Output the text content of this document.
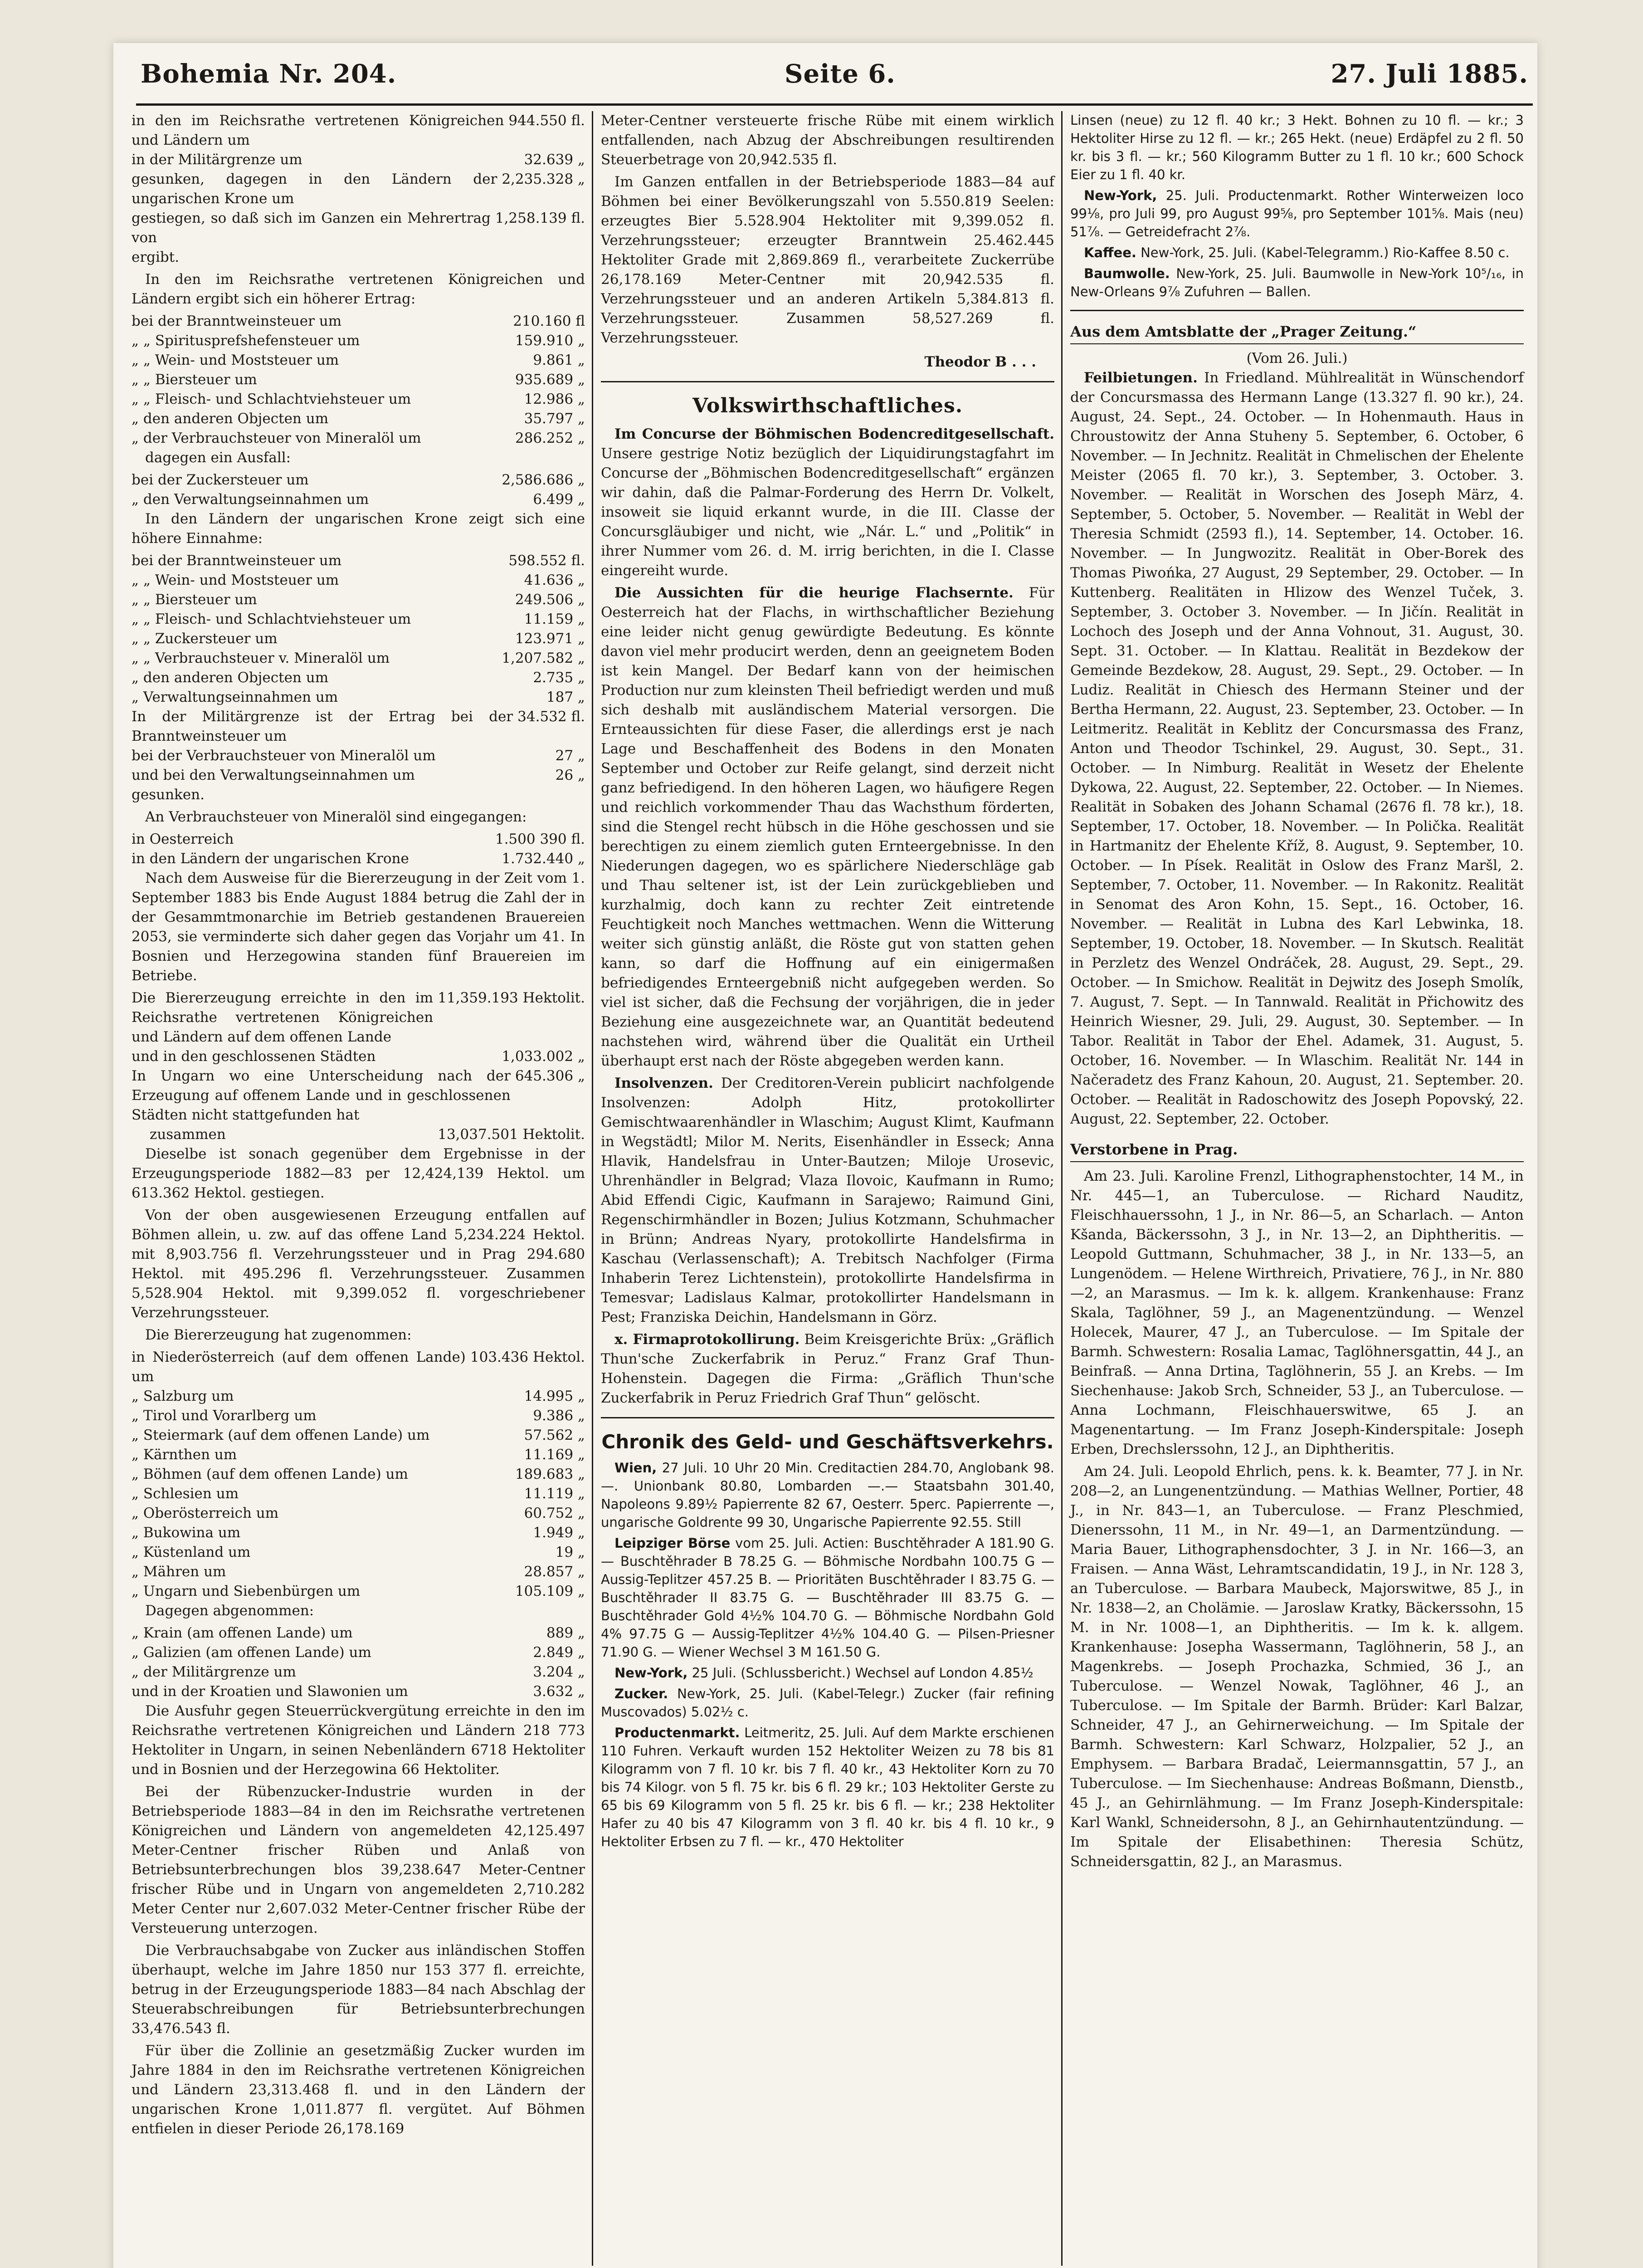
Bohemia Nr. 204.	Seite 6.	27. Juli 1885.
in den im Reichsrathe vertretenen Königreichen und Ländern um
944.550 fl.
in der Militärgrenze um	32.639 „
gesunken, dagegen in den Ländern der ungarischen Krone um
2,235.328 „
gestiegen, so daß sich im Ganzen ein Mehrertrag von
1,258.139 fl.

ergibt.

In den im Reichsrathe vertretenen Königreichen und Ländern ergibt sich ein höherer Ertrag:

bei der Branntweinsteuer um	210.160 fl
„ „ Spiritusprefshefensteuer um	159.910 „
„ „ Wein- und Moststeuer um	9.861 „
„ „ Biersteuer um	935.689 „
„ „ Fleisch- und Schlachtviehsteuer um	12.986 „
„ den anderen Objecten um	35.797 „
„ der Verbrauchsteuer von Mineralöl um	286.252 „

dagegen ein Ausfall:

bei der Zuckersteuer um	2,586.686 „
„ den Verwaltungseinnahmen um	6.499 „

In den Ländern der ungarischen Krone zeigt sich eine höhere Einnahme:

bei der Branntweinsteuer um	598.552 fl.
„ „ Wein- und Moststeuer um	41.636 „
„ „ Biersteuer um	249.506 „
„ „ Fleisch- und Schlachtviehsteuer um	11.159 „
„ „ Zuckersteuer um	123.971 „
„ „ Verbrauchsteuer v. Mineralöl um	1,207.582 „
„ den anderen Objecten um	2.735 „
„ Verwaltungseinnahmen um	187 „
In der Militärgrenze ist der Ertrag bei der Branntweinsteuer um
34.532 fl.
bei der Verbrauchsteuer von Mineralöl um	27 „
und bei den Verwaltungseinnahmen um	26 „

gesunken.

An Verbrauchsteuer von Mineralöl sind eingegangen:

in Oesterreich	1.500 390 fl.
in den Ländern der ungarischen Krone	1.732.440 „

Nach dem Ausweise für die Biererzeugung in der Zeit vom 1. September 1883 bis Ende August 1884 betrug die Zahl der in der Gesammtmonarchie im Betrieb gestandenen Brauereien 2053, sie verminderte sich daher gegen das Vorjahr um 41. In Bosnien und Herzegowina standen fünf Brauereien im Betriebe.

Die Biererzeugung erreichte in den im Reichsrathe vertretenen Königreichen und Ländern auf dem offenen Lande
11,359.193 Hektolit.
und in den geschlossenen Städten	1,033.002 „
In Ungarn wo eine Unterscheidung nach der Erzeugung auf offenem Lande und in geschlossenen Städten nicht stattgefunden hat
645.306 „
zusammen	13,037.501 Hektolit.

Dieselbe ist sonach gegenüber dem Ergebnisse in der Erzeugungsperiode 1882—83 per 12,424,139 Hektol. um 613.362 Hektol. gestiegen.

Von der oben ausgewiesenen Erzeugung entfallen auf Böhmen allein, u. zw. auf das offene Land 5,234.224 Hektol. mit 8,903.756 fl. Verzehrungssteuer und in Prag 294.680 Hektol. mit 495.296 fl. Verzehrungssteuer. Zusammen 5,528.904 Hektol. mit 9,399.052 fl. vorgeschriebener Verzehrungssteuer.

Die Biererzeugung hat zugenommen:

in Niederösterreich (auf dem offenen Lande) um
103.436 Hektol.
„ Salzburg um	14.995 „
„ Tirol und Vorarlberg um	9.386 „
„ Steiermark (auf dem offenen Lande) um	57.562 „
„ Kärnthen um	11.169 „
„ Böhmen (auf dem offenen Lande) um	189.683 „
„ Schlesien um	11.119 „
„ Oberösterreich um	60.752 „
„ Bukowina um	1.949 „
„ Küstenland um	19 „
„ Mähren um	28.857 „
„ Ungarn und Siebenbürgen um	105.109 „

Dagegen abgenommen:

„ Krain (am offenen Lande) um	889 „
„ Galizien (am offenen Lande) um	2.849 „
„ der Militärgrenze um	3.204 „
und in der Kroatien und Slawonien um	3.632 „

Die Ausfuhr gegen Steuerrückvergütung erreichte in den im Reichsrathe vertretenen Königreichen und Ländern 218 773 Hektoliter in Ungarn, in seinen Nebenländern 6718 Hektoliter und in Bosnien und der Herzegowina 66 Hektoliter.

Bei der Rübenzucker-Industrie wurden in der Betriebsperiode 1883—84 in den im Reichsrathe vertretenen Königreichen und Ländern von angemeldeten 42,125.497 Meter-Centner frischer Rüben und Anlaß von Betriebsunterbrechungen blos 39,238.647 Meter-Centner frischer Rübe und in Ungarn von angemeldeten 2,710.282 Meter Center nur 2,607.032 Meter-Centner frischer Rübe der Versteuerung unterzogen.

Die Verbrauchsabgabe von Zucker aus inländischen Stoffen überhaupt, welche im Jahre 1850 nur 153 377 fl. erreichte, betrug in der Erzeugungsperiode 1883—84 nach Abschlag der Steuerabschreibungen für Betriebsunterbrechungen 33,476.543 fl.

Für über die Zollinie an gesetzmäßig Zucker wurden im Jahre 1884 in den im Reichsrathe vertretenen Königreichen und Ländern 23,313.468 fl. und in den Ländern der ungarischen Krone 1,011.877 fl. vergütet. Auf Böhmen entfielen in dieser Periode 26,178.169

Meter-Centner versteuerte frische Rübe mit einem wirklich entfallenden, nach Abzug der Abschreibungen resultirenden Steuerbetrage von 20,942.535 fl.

Im Ganzen entfallen in der Betriebsperiode 1883—84 auf Böhmen bei einer Bevölkerungszahl von 5.550.819 Seelen: erzeugtes Bier 5.528.904 Hektoliter mit 9,399.052 fl. Verzehrungssteuer; erzeugter Branntwein 25.462.445 Hektoliter Grade mit 2,869.869 fl., verarbeitete Zuckerrübe 26,178.169 Meter-Centner mit 20,942.535 fl. Verzehrungssteuer und an anderen Artikeln 5,384.813 fl. Verzehrungssteuer. Zusammen 58,527.269 fl. Verzehrungssteuer.

Theodor B . . .
Volkswirthschaftliches.

Im Concurse der Böhmischen Bodencreditgesellschaft. Unsere gestrige Notiz bezüglich der Liquidirungstagfahrt im Concurse der „Böhmischen Bodencreditgesellschaft“ ergänzen wir dahin, daß die Palmar-Forderung des Herrn Dr. Volkelt, insoweit sie liquid erkannt wurde, in die III. Classe der Concursgläubiger und nicht, wie „Nár. L.“ und „Politik“ in ihrer Nummer vom 26. d. M. irrig berichten, in die I. Classe eingereiht wurde.

Die Aussichten für die heurige Flachsernte. Für Oesterreich hat der Flachs, in wirthschaftlicher Beziehung eine leider nicht genug gewürdigte Bedeutung. Es könnte davon viel mehr producirt werden, denn an geeignetem Boden ist kein Mangel. Der Bedarf kann von der heimischen Production nur zum kleinsten Theil befriedigt werden und muß sich deshalb mit ausländischem Material versorgen. Die Ernteaussichten für diese Faser, die allerdings erst je nach Lage und Beschaffenheit des Bodens in den Monaten September und October zur Reife gelangt, sind derzeit nicht ganz befriedigend. In den höheren Lagen, wo häufigere Regen und reichlich vorkommender Thau das Wachsthum förderten, sind die Stengel recht hübsch in die Höhe geschossen und sie berechtigen zu einem ziemlich guten Ernteergebnisse. In den Niederungen dagegen, wo es spärlichere Niederschläge gab und Thau seltener ist, ist der Lein zurückgeblieben und kurzhalmig, doch kann zu rechter Zeit eintretende Feuchtigkeit noch Manches wettmachen. Wenn die Witterung weiter sich günstig anläßt, die Röste gut von statten gehen kann, so darf die Hoffnung auf ein einigermaßen befriedigendes Ernteergebniß nicht aufgegeben werden. So viel ist sicher, daß die Fechsung der vorjährigen, die in jeder Beziehung eine ausgezeichnete war, an Quantität bedeutend nachstehen wird, während über die Qualität ein Urtheil überhaupt erst nach der Röste abgegeben werden kann.

Insolvenzen. Der Creditoren-Verein publicirt nachfolgende Insolvenzen: Adolph Hitz, protokollirter Gemischtwaarenhändler in Wlaschim; August Klimt, Kaufmann in Wegstädtl; Milor M. Nerits, Eisenhändler in Esseck; Anna Hlavik, Handelsfrau in Unter-Bautzen; Miloje Urosevic, Uhrenhändler in Belgrad; Vlaza Ilovoic, Kaufmann in Rumo; Abid Effendi Cigic, Kaufmann in Sarajewo; Raimund Gini, Regenschirmhändler in Bozen; Julius Kotzmann, Schuhmacher in Brünn; Andreas Nyary, protokollirte Handelsfirma in Kaschau (Verlassenschaft); A. Trebitsch Nachfolger (Firma Inhaberin Terez Lichtenstein), protokollirte Handelsfirma in Temesvar; Ladislaus Kalmar, protokollirter Handelsmann in Pest; Franziska Deichin, Handelsmann in Görz.

x. Firmaprotokollirung. Beim Kreisgerichte Brüx: „Gräflich Thun'sche Zuckerfabrik in Peruz.“ Franz Graf Thun-Hohenstein. Dagegen die Firma: „Gräflich Thun'sche Zuckerfabrik in Peruz Friedrich Graf Thun“ gelöscht.

Chronik des Geld- und Geschäftsverkehrs.

Wien, 27 Juli. 10 Uhr 20 Min. Creditactien 284.70, Anglobank 98.—. Unionbank 80.80, Lombarden —.— Staatsbahn 301.40, Napoleons 9.89½ Papierrente 82 67, Oesterr. 5perc. Papierrente —, ungarische Goldrente 99 30, Ungarische Papierrente 92.55. Still

Leipziger Börse vom 25. Juli. Actien: Buschtěhrader A 181.90 G. — Buschtěhrader B 78.25 G. — Böhmische Nordbahn 100.75 G — Aussig-Teplitzer 457.25 B. — Prioritäten Buschtěhrader I 83.75 G. — Buschtěhrader II 83.75 G. — Buschtěhrader III 83.75 G. — Buschtěhrader Gold 4½% 104.70 G. — Böhmische Nordbahn Gold 4% 97.75 G — Aussig-Teplitzer 4½% 104.40 G. — Pilsen-Priesner 71.90 G. — Wiener Wechsel 3 M 161.50 G.

New-York, 25 Juli. (Schlussbericht.) Wechsel auf London 4.85½

Zucker. New-York, 25. Juli. (Kabel-Telegr.) Zucker (fair refining Muscovados) 5.02½ c.

Productenmarkt. Leitmeritz, 25. Juli. Auf dem Markte erschienen 110 Fuhren. Verkauft wurden 152 Hektoliter Weizen zu 78 bis 81 Kilogramm von 7 fl. 10 kr. bis 7 fl. 40 kr., 43 Hektoliter Korn zu 70 bis 74 Kilogr. von 5 fl. 75 kr. bis 6 fl. 29 kr.; 103 Hektoliter Gerste zu 65 bis 69 Kilogramm von 5 fl. 25 kr. bis 6 fl. — kr.; 238 Hektoliter Hafer zu 40 bis 47 Kilogramm von 3 fl. 40 kr. bis 4 fl. 10 kr., 9 Hektoliter Erbsen zu 7 fl. — kr., 470 Hektoliter

Linsen (neue) zu 12 fl. 40 kr.; 3 Hekt. Bohnen zu 10 fl. — kr.; 3 Hektoliter Hirse zu 12 fl. — kr.; 265 Hekt. (neue) Erdäpfel zu 2 fl. 50 kr. bis 3 fl. — kr.; 560 Kilogramm Butter zu 1 fl. 10 kr.; 600 Schock Eier zu 1 fl. 40 kr.

New-York, 25. Juli. Productenmarkt. Rother Winterweizen loco 99⅛, pro Juli 99, pro August 99⅝, pro September 101⅝. Mais (neu) 51⅞. — Getreidefracht 2⅞.

Kaffee. New-York, 25. Juli. (Kabel-Telegramm.) Rio-Kaffee 8.50 c.

Baumwolle. New-York, 25. Juli. Baumwolle in New-York 10⁵/₁₆, in New-Orleans 9⅞ Zufuhren — Ballen.

Aus dem Amtsblatte der „Prager Zeitung.“
(Vom 26. Juli.)

Feilbietungen. In Friedland. Mühlrealität in Wünschendorf der Concursmassa des Hermann Lange (13.327 fl. 90 kr.), 24. August, 24. Sept., 24. October. — In Hohenmauth. Haus in Chroustowitz der Anna Stuheny 5. September, 6. October, 6 November. — In Jechnitz. Realität in Chmelischen der Ehelente Meister (2065 fl. 70 kr.), 3. September, 3. October. 3. November. — Realität in Worschen des Joseph März, 4. September, 5. October, 5. November. — Realität in Webl der Theresia Schmidt (2593 fl.), 14. September, 14. October. 16. November. — In Jungwozitz. Realität in Ober-Borek des Thomas Piwońka, 27 August, 29 September, 29. October. — In Kuttenberg. Realitäten in Hlizow des Wenzel Tuček, 3. September, 3. October 3. November. — In Jičín. Realität in Lochoch des Joseph und der Anna Vohnout, 31. August, 30. Sept. 31. October. — In Klattau. Realität in Bezdekow der Gemeinde Bezdekow, 28. August, 29. Sept., 29. October. — In Ludiz. Realität in Chiesch des Hermann Steiner und der Bertha Hermann, 22. August, 23. September, 23. October. — In Leitmeritz. Realität in Keblitz der Concursmassa des Franz, Anton und Theodor Tschinkel, 29. August, 30. Sept., 31. October. — In Nimburg. Realität in Wesetz der Ehelente Dykowa, 22. August, 22. September, 22. October. — In Niemes. Realität in Sobaken des Johann Schamal (2676 fl. 78 kr.), 18. September, 17. October, 18. November. — In Polička. Realität in Hartmanitz der Ehelente Kříž, 8. August, 9. September, 10. October. — In Písek. Realität in Oslow des Franz Maršl, 2. September, 7. October, 11. November. — In Rakonitz. Realität in Senomat des Aron Kohn, 15. Sept., 16. October, 16. November. — Realität in Lubna des Karl Lebwinka, 18. September, 19. October, 18. November. — In Skutsch. Realität in Perzletz des Wenzel Ondráček, 28. August, 29. Sept., 29. October. — In Smichow. Realität in Dejwitz des Joseph Smolík, 7. August, 7. Sept. — In Tannwald. Realität in Přichowitz des Heinrich Wiesner, 29. Juli, 29. August, 30. September. — In Tabor. Realität in Tabor der Ehel. Adamek, 31. August, 5. October, 16. November. — In Wlaschim. Realität Nr. 144 in Načeradetz des Franz Kahoun, 20. August, 21. September. 20. October. — Realität in Radoschowitz des Joseph Popovský, 22. August, 22. September, 22. October.

Verstorbene in Prag.

Am 23. Juli. Karoline Frenzl, Lithographenstochter, 14 M., in Nr. 445—1, an Tuberculose. — Richard Nauditz, Fleischhauerssohn, 1 J., in Nr. 86—5, an Scharlach. — Anton Kšanda, Bäckerssohn, 3 J., in Nr. 13—2, an Diphtheritis. — Leopold Guttmann, Schuhmacher, 38 J., in Nr. 133—5, an Lungenödem. — Helene Wirthreich, Privatiere, 76 J., in Nr. 880—2, an Marasmus. — Im k. k. allgem. Krankenhause: Franz Skala, Taglöhner, 59 J., an Magenentzündung. — Wenzel Holecek, Maurer, 47 J., an Tuberculose. — Im Spitale der Barmh. Schwestern: Rosalia Lamac, Taglöhnersgattin, 44 J., an Beinfraß. — Anna Drtina, Taglöhnerin, 55 J. an Krebs. — Im Siechenhause: Jakob Srch, Schneider, 53 J., an Tuberculose. — Anna Lochmann, Fleischhauerswitwe, 65 J. an Magenentartung. — Im Franz Joseph-Kinderspitale: Joseph Erben, Drechslerssohn, 12 J., an Diphtheritis.

Am 24. Juli. Leopold Ehrlich, pens. k. k. Beamter, 77 J. in Nr. 208—2, an Lungenentzündung. — Mathias Wellner, Portier, 48 J., in Nr. 843—1, an Tuberculose. — Franz Pleschmied, Dienerssohn, 11 M., in Nr. 49—1, an Darmentzündung. — Maria Bauer, Lithographensdochter, 3 J. in Nr. 166—3, an Fraisen. — Anna Wäst, Lehramtscandidatin, 19 J., in Nr. 128 3, an Tuberculose. — Barbara Maubeck, Majorswitwe, 85 J., in Nr. 1838—2, an Cholämie. — Jaroslaw Kratky, Bäckerssohn, 15 M. in Nr. 1008—1, an Diphtheritis. — Im k. k. allgem. Krankenhause: Josepha Wassermann, Taglöhnerin, 58 J., an Magenkrebs. — Joseph Prochazka, Schmied, 36 J., an Tuberculose. — Wenzel Nowak, Taglöhner, 46 J., an Tuberculose. — Im Spitale der Barmh. Brüder: Karl Balzar, Schneider, 47 J., an Gehirnerweichung. — Im Spitale der Barmh. Schwestern: Karl Schwarz, Holzpalier, 52 J., an Emphysem. — Barbara Bradač, Leiermannsgattin, 57 J., an Tuberculose. — Im Siechenhause: Andreas Boßmann, Dienstb., 45 J., an Gehirnlähmung. — Im Franz Joseph-Kinderspitale: Karl Wankl, Schneidersohn, 8 J., an Gehirnhautentzündung. — Im Spitale der Elisabethinen: Theresia Schütz, Schneidersgattin, 82 J., an Marasmus.
